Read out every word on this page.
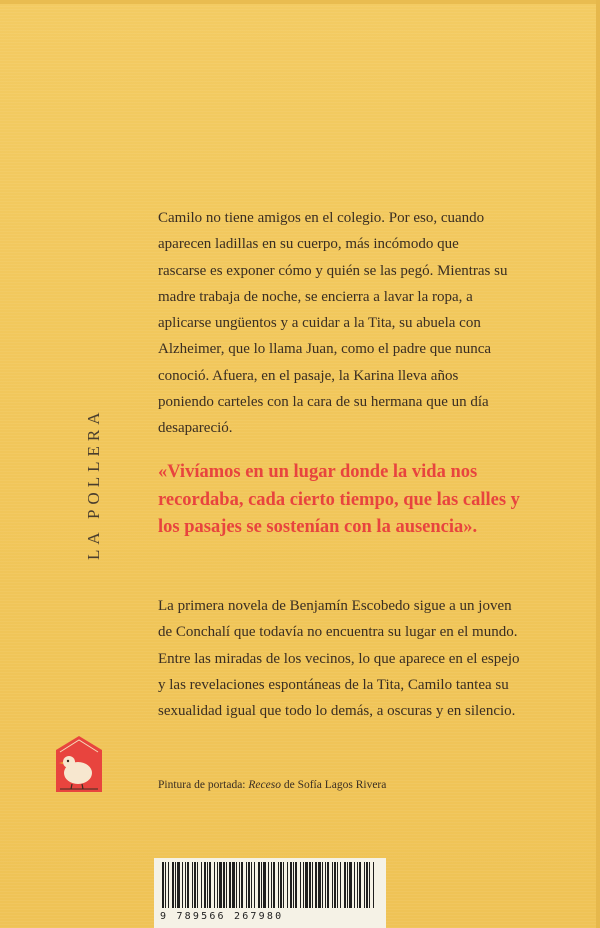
LA POLLERA

Camilo no tiene amigos en el colegio. Por eso, cuando aparecen ladillas en su cuerpo, más incómodo que rascarse es exponer cómo y quién se las pegó. Mientras su madre trabaja de noche, se encierra a lavar la ropa, a aplicarse ungüentos y a cuidar a la Tita, su abuela con Alzheimer, que lo llama Juan, como el padre que nunca conoció. Afuera, en el pasaje, la Karina lleva años poniendo carteles con la cara de su hermana que un día desapareció.

«Vivíamos en un lugar donde la vida nos recordaba, cada cierto tiempo, que las calles y los pasajes se sostenían con la ausencia».

La primera novela de Benjamín Escobedo sigue a un joven de Conchalí que todavía no encuentra su lugar en el mundo. Entre las miradas de los vecinos, lo que aparece en el espejo y las revelaciones espontáneas de la Tita, Camilo tantea su sexualidad igual que todo lo demás, a oscuras y en silencio.

Pintura de portada: Receso de Sofía Lagos Rivera
9 789566 267980
